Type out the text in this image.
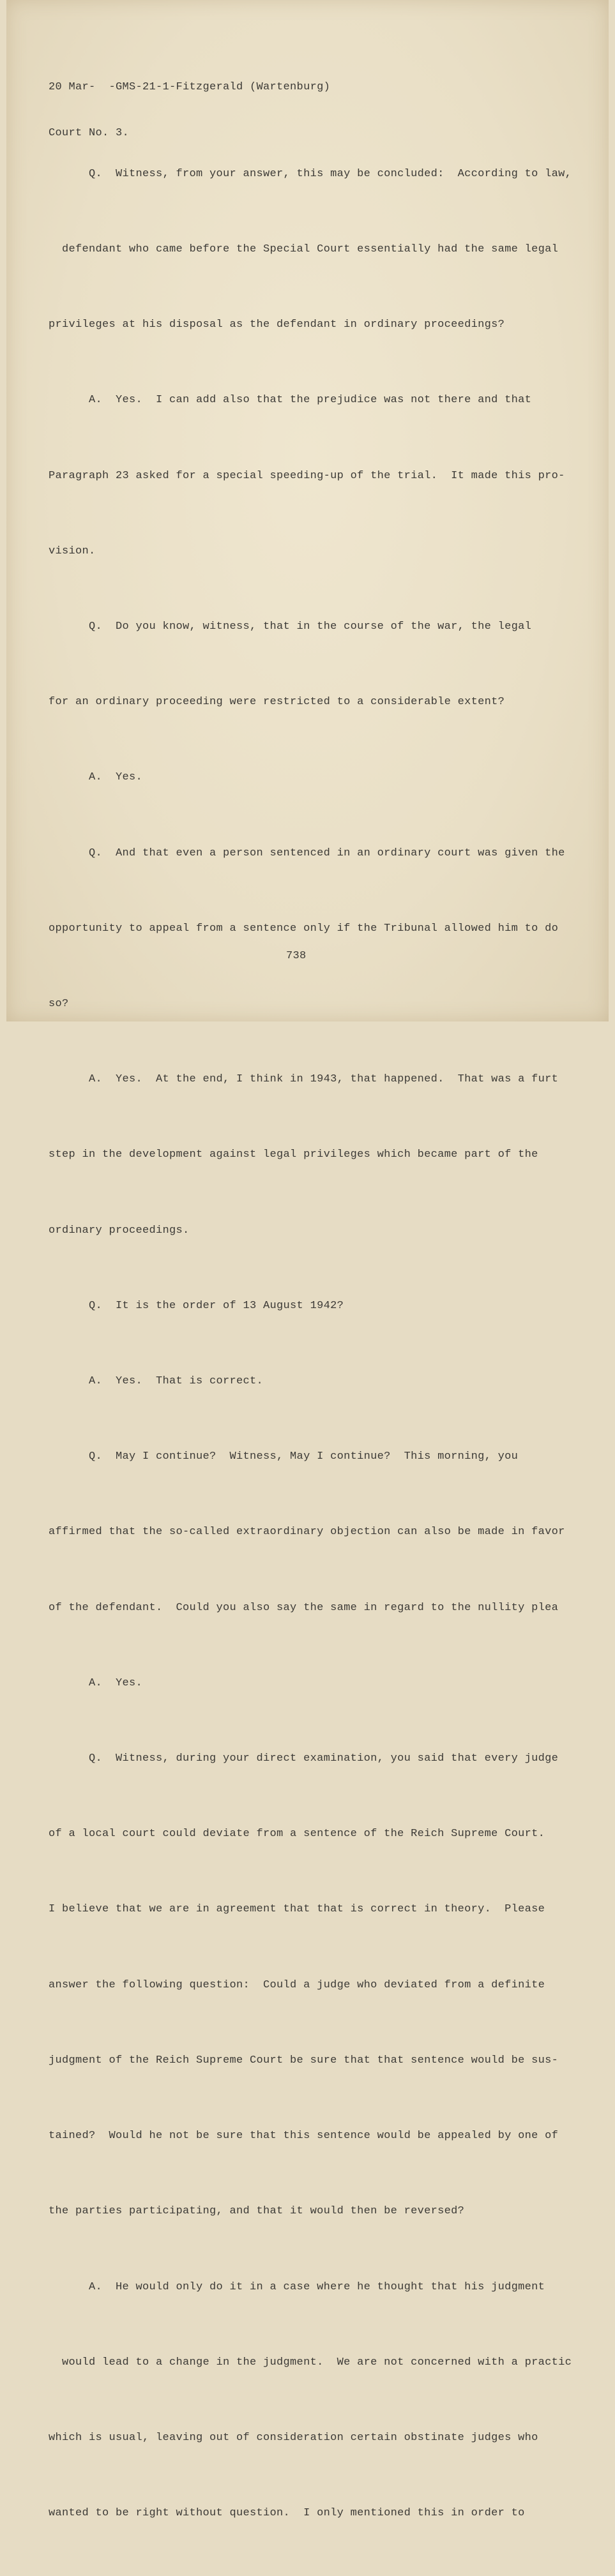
20 Mar-  -GMS-21-1-Fitzgerald (Wartenburg)

Court No. 3.

Q.  Witness, from your answer, this may be concluded:  According to law,

defendant who came before the Special Court essentially had the same legal

privileges at his disposal as the defendant in ordinary proceedings?

A.  Yes.  I can add also that the prejudice was not there and that

Paragraph 23 asked for a special speeding-up of the trial.  It made this pro-

vision.

Q.  Do you know, witness, that in the course of the war, the legal

for an ordinary proceeding were restricted to a considerable extent?

A.  Yes.

Q.  And that even a person sentenced in an ordinary court was given the

opportunity to appeal from a sentence only if the Tribunal allowed him to do

so?

A.  Yes.  At the end, I think in 1943, that happened.  That was a furt

step in the development against legal privileges which became part of the

ordinary proceedings.

Q.  It is the order of 13 August 1942?

A.  Yes.  That is correct.

Q.  May I continue?  Witness, May I continue?  This morning, you

affirmed that the so-called extraordinary objection can also be made in favor

of the defendant.  Could you also say the same in regard to the nullity plea

A.  Yes.

Q.  Witness, during your direct examination, you said that every judge

of a local court could deviate from a sentence of the Reich Supreme Court.

I believe that we are in agreement that that is correct in theory.  Please

answer the following question:  Could a judge who deviated from a definite

judgment of the Reich Supreme Court be sure that that sentence would be sus-

tained?  Would he not be sure that this sentence would be appealed by one of

the parties participating, and that it would then be reversed?

A.  He would only do it in a case where he thought that his judgment

would lead to a change in the judgment.  We are not concerned with a practic

which is usual, leaving out of consideration certain obstinate judges who

wanted to be right without question.  I only mentioned this in order to

738
